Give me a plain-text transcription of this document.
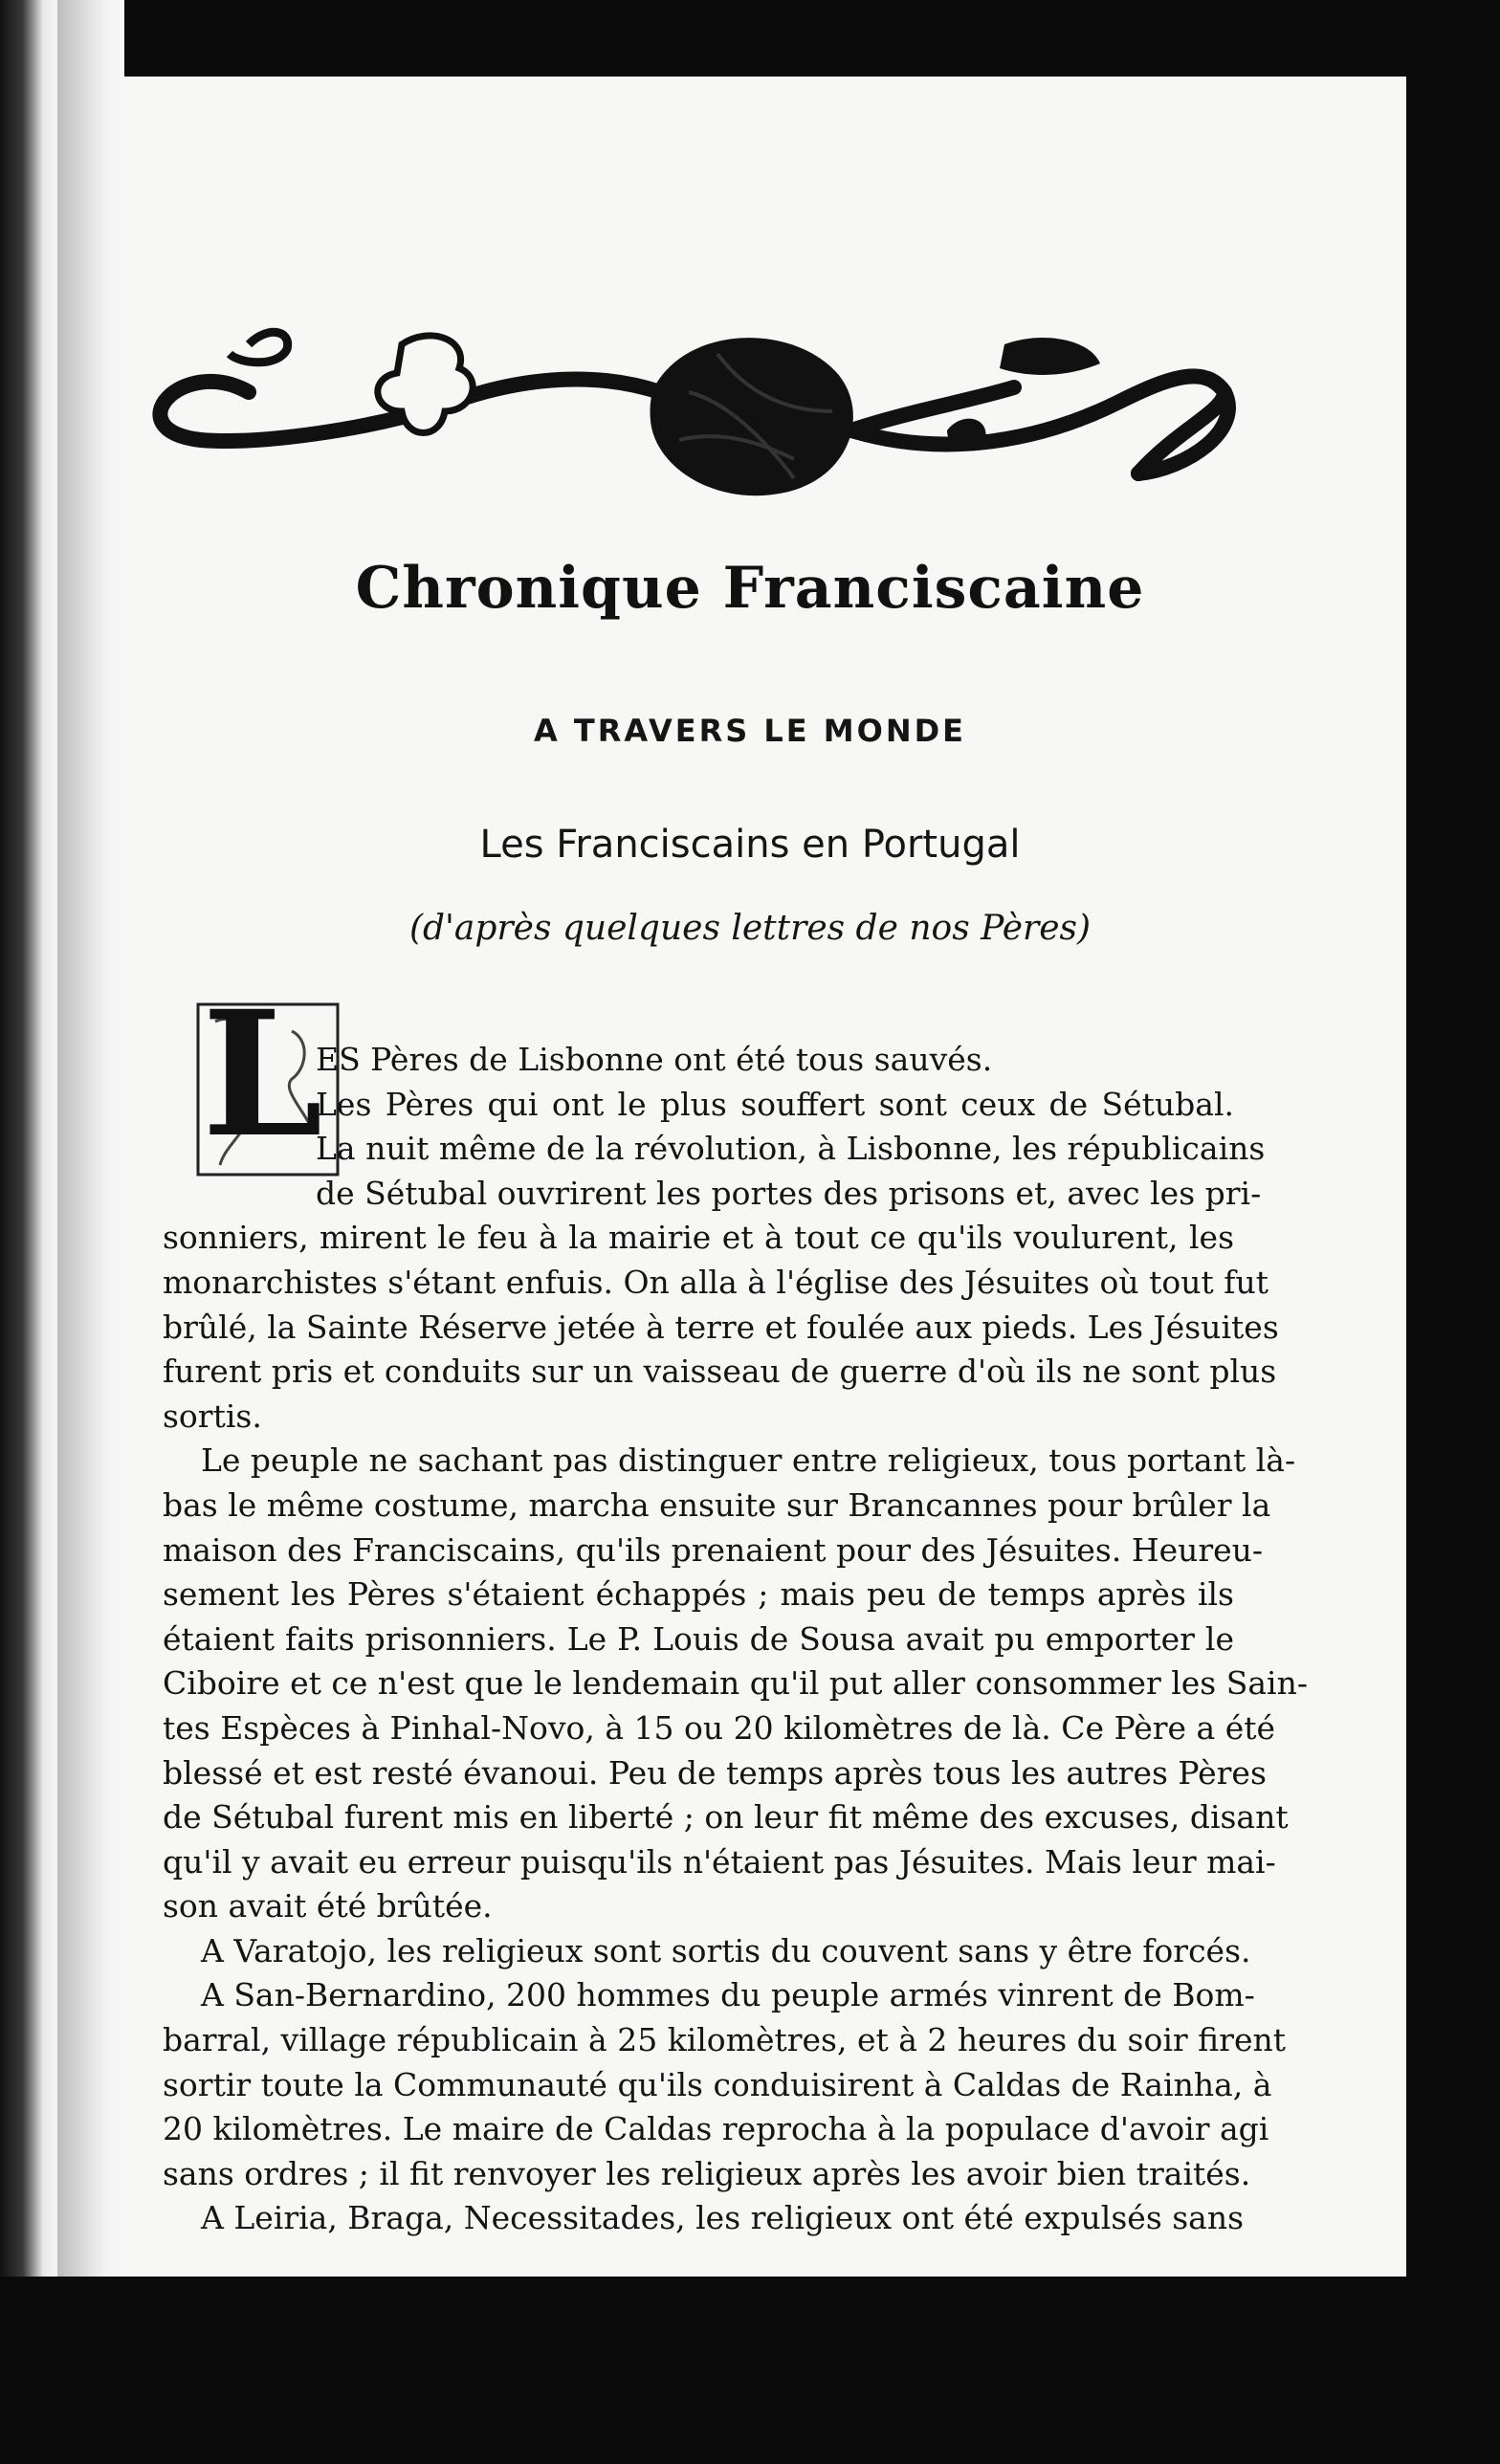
Chronique Franciscaine
A TRAVERS LE MONDE
Les Franciscains en Portugal
(d'après quelques lettres de nos Pères)
L
ES Pères de Lisbonne ont été tous sauvés.
Les Pères qui ont le plus souffert sont ceux de Sétubal.
La nuit même de la révolution, à Lisbonne, les républicains
de Sétubal ouvrirent les portes des prisons et, avec les pri-
sonniers, mirent le feu à la mairie et à tout ce qu'ils voulurent, les
monarchistes s'étant enfuis. On alla à l'église des Jésuites où tout fut
brûlé, la Sainte Réserve jetée à terre et foulée aux pieds. Les Jésuites
furent pris et conduits sur un vaisseau de guerre d'où ils ne sont plus
sortis.
Le peuple ne sachant pas distinguer entre religieux, tous portant là-
bas le même costume, marcha ensuite sur Brancannes pour brûler la
maison des Franciscains, qu'ils prenaient pour des Jésuites. Heureu-
sement les Pères s'étaient échappés ; mais peu de temps après ils
étaient faits prisonniers. Le P. Louis de Sousa avait pu emporter le
Ciboire et ce n'est que le lendemain qu'il put aller consommer les Sain-
tes Espèces à Pinhal-Novo, à 15 ou 20 kilomètres de là. Ce Père a été
blessé et est resté évanoui. Peu de temps après tous les autres Pères
de Sétubal furent mis en liberté ; on leur fit même des excuses, disant
qu'il y avait eu erreur puisqu'ils n'étaient pas Jésuites. Mais leur mai-
son avait été brûtée.
A Varatojo, les religieux sont sortis du couvent sans y être forcés.
A San-Bernardino, 200 hommes du peuple armés vinrent de Bom-
barral, village républicain à 25 kilomètres, et à 2 heures du soir firent
sortir toute la Communauté qu'ils conduisirent à Caldas de Rainha, à
20 kilomètres. Le maire de Caldas reprocha à la populace d'avoir agi
sans ordres ; il fit renvoyer les religieux après les avoir bien traités.
A Leiria, Braga, Necessitades, les religieux ont été expulsés sans
